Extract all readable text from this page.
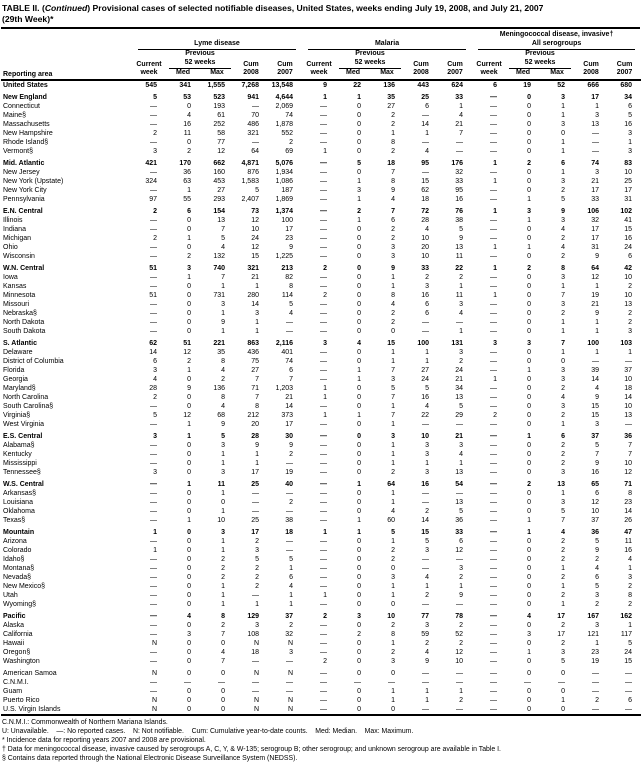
TABLE II. (Continued) Provisional cases of selected notifiable diseases, United States, weeks ending July 19, 2008, and July 21, 2007
(29th Week)*
Reporting area	Lyme disease					Malaria					Meningococcal disease, invasive†
All serogroups				

Current
week

Previous
52 weeks	Cum
2008

Cum
2007

Current
week

Previous
52 weeks	Cum
2008

Cum
2007

Current
week

Previous
52 weeks	Cum
2008

Cum
2007

		Med	Max				Med	Max				Med	Max		
United States	545	341	1,555	7,268	13,548	9	22	136	443	624	6	19	52	666	680

New England	5	53	523	941	4,644	1	1	35	25	33	—	0	3	17	34
Connecticut	—	0	193	—	2,069	—	0	27	6	1	—	0	1	1	6
Maine§	—	4	61	70	74	—	0	2	—	4	—	0	1	3	5
Massachusetts	—	16	252	486	1,878	—	0	2	14	21	—	0	3	13	16
New Hampshire	2	11	58	321	552	—	0	1	1	7	—	0	0	—	3
Rhode Island§	—	0	77	—	2	—	0	8	—	—	—	0	1	—	1
Vermont§	3	2	12	64	69	1	0	2	4	—	—	0	1	—	3

Mid. Atlantic	421	170	662	4,871	5,076	—	5	18	95	176	1	2	6	74	83
New Jersey	—	36	160	876	1,934	—	0	7	—	32	—	0	1	3	10
New York (Upstate)	324	63	453	1,583	1,086	—	1	8	15	33	1	0	3	21	25
New York City	—	1	27	5	187	—	3	9	62	95	—	0	2	17	17
Pennsylvania	97	55	293	2,407	1,869	—	1	4	18	16	—	1	5	33	31

E.N. Central	2	6	154	73	1,374	—	2	7	72	76	1	3	9	106	102
Illinois	—	0	13	12	100	—	1	6	28	38	—	1	3	32	41
Indiana	—	0	7	10	17	—	0	2	4	5	—	0	4	17	15
Michigan	2	1	5	24	23	—	0	2	10	9	—	0	2	17	16
Ohio	—	0	4	12	9	—	0	3	20	13	1	1	4	31	24
Wisconsin	—	2	132	15	1,225	—	0	3	10	11	—	0	2	9	6

W.N. Central	51	3	740	321	213	2	0	9	33	22	1	2	8	64	42
Iowa	—	1	7	21	82	—	0	1	2	2	—	0	3	12	10
Kansas	—	0	1	1	8	—	0	1	3	1	—	0	1	1	2
Minnesota	51	0	731	280	114	2	0	8	16	11	1	0	7	19	10
Missouri	—	0	3	14	5	—	0	4	6	3	—	0	3	21	13
Nebraska§	—	0	1	3	4	—	0	2	6	4	—	0	2	9	2
North Dakota	—	0	9	1	—	—	0	2	—	—	—	0	1	1	2
South Dakota	—	0	1	1	—	—	0	0	—	1	—	0	1	1	3

S. Atlantic	62	51	221	863	2,116	3	4	15	100	131	3	3	7	100	103
Delaware	14	12	35	436	401	—	0	1	1	3	—	0	1	1	1
District of Columbia	6	2	8	75	74	—	0	1	1	2	—	0	0	—	—
Florida	3	1	4	27	6	—	1	7	27	24	—	1	3	39	37
Georgia	4	0	2	7	7	—	1	3	24	21	1	0	3	14	10
Maryland§	28	9	136	71	1,203	1	0	5	5	34	—	0	2	4	18
North Carolina	2	0	8	7	21	1	0	7	16	13	—	0	4	9	14
South Carolina§	—	0	4	8	14	—	0	1	4	5	—	0	3	15	10
Virginia§	5	12	68	212	373	1	1	7	22	29	2	0	2	15	13
West Virginia	—	1	9	20	17	—	0	1	—	—	—	0	1	3	—

E.S. Central	3	1	5	28	30	—	0	3	10	21	—	1	6	37	36
Alabama§	—	0	3	9	9	—	0	1	3	3	—	0	2	5	7
Kentucky	—	0	1	1	2	—	0	1	3	4	—	0	2	7	7
Mississippi	—	0	1	1	—	—	0	1	1	1	—	0	2	9	10
Tennessee§	3	0	3	17	19	—	0	2	3	13	—	0	3	16	12

W.S. Central	—	1	11	25	40	—	1	64	16	54	—	2	13	65	71
Arkansas§	—	0	1	—	—	—	0	1	—	—	—	0	1	6	8
Louisiana	—	0	0	—	2	—	0	1	—	13	—	0	3	12	23
Oklahoma	—	0	1	—	—	—	0	4	2	5	—	0	5	10	14
Texas§	—	1	10	25	38	—	1	60	14	36	—	1	7	37	26

Mountain	1	0	3	17	18	1	1	5	15	33	—	1	4	36	47
Arizona	—	0	1	2	—	—	0	1	5	6	—	0	2	5	11
Colorado	1	0	1	3	—	—	0	2	3	12	—	0	2	9	16
Idaho§	—	0	2	5	5	—	0	2	—	—	—	0	2	2	4
Montana§	—	0	2	2	1	—	0	0	—	3	—	0	1	4	1
Nevada§	—	0	2	2	6	—	0	3	4	2	—	0	2	6	3
New Mexico§	—	0	1	2	4	—	0	1	1	1	—	0	1	5	2
Utah	—	0	1	—	1	1	0	1	2	9	—	0	2	3	8
Wyoming§	—	0	1	1	1	—	0	0	—	—	—	0	1	2	2

Pacific	—	4	8	129	37	2	3	10	77	78	—	4	17	167	162
Alaska	—	0	2	3	2	—	0	2	3	2	—	0	2	3	1
California	—	3	7	108	32	—	2	8	59	52	—	3	17	121	117
Hawaii	N	0	0	N	N	—	0	1	2	2	—	0	2	1	5
Oregon§	—	0	4	18	3	—	0	2	4	12	—	1	3	23	24
Washington	—	0	7	—	—	2	0	3	9	10	—	0	5	19	15

American Samoa	N	0	0	N	N	—	0	0	—	—	—	0	0	—	—
C.N.M.I.	—	—	—	—	—	—	—	—	—	—	—	—	—	—	—
Guam	—	0	0	—	—	—	0	1	1	1	—	0	0	—	—
Puerto Rico	N	0	0	N	N	—	0	1	1	2	—	0	1	2	6
U.S. Virgin Islands	N	0	0	N	N	—	0	0	—	—	—	0	0	—	—
C.N.M.I.: Commonwealth of Northern Mariana Islands.
U: Unavailable.    —: No reported cases.    N: Not notifiable.    Cum: Cumulative year-to-date counts.    Med: Median.    Max: Maximum.
* Incidence data for reporting years 2007 and 2008 are provisional.
† Data for meningococcal disease, invasive caused by serogroups A, C, Y, & W-135; serogroup B; other serogroup; and unknown serogroup are available in Table I.
§ Contains data reported through the National Electronic Disease Surveillance System (NEDSS).
